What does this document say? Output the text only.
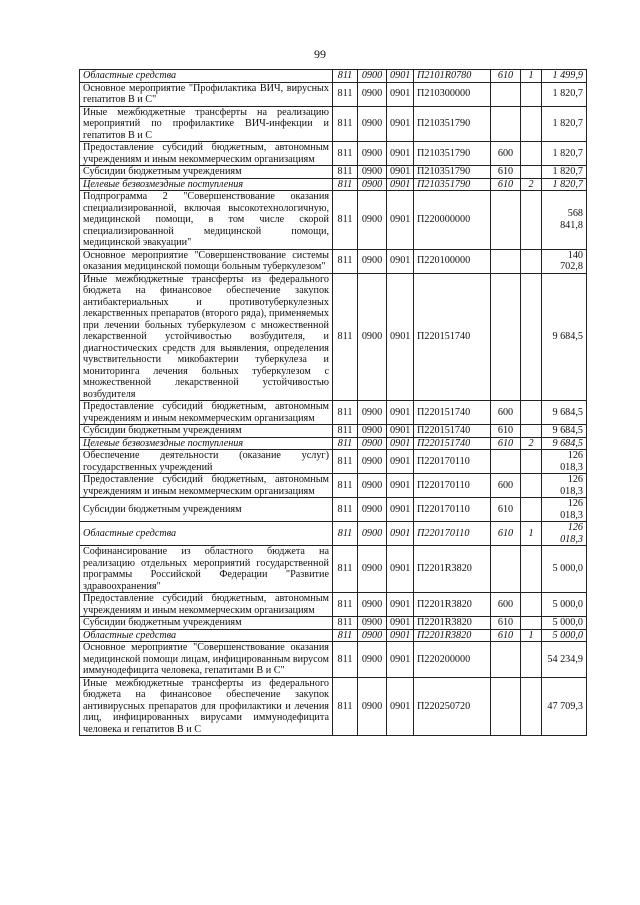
99
Областные средства	811	0900	0901	П2101R0780	610	1	1 499,9
Основное мероприятие "Профилактика ВИЧ, вирусных гепатитов В и С"	811	0900	0901	П210300000			1 820,7
Иные межбюджетные трансферты на реализацию мероприятий по профилактике ВИЧ-инфекции и гепатитов В и С	811	0900	0901	П210351790			1 820,7
Предоставление субсидий бюджетным, автономным учреждениям и иным некоммерческим организациям	811	0900	0901	П210351790	600		1 820,7
Субсидии бюджетным учреждениям	811	0900	0901	П210351790	610		1 820,7
Целевые безвозмездные поступления	811	0900	0901	П210351790	610	2	1 820,7
Подпрограмма 2 "Совершенствование оказания специализированной, включая высокотехнологичную, медицинской помощи, в том числе скорой специализированной медицинской помощи, медицинской эвакуации"	811	0900	0901	П220000000			568 841,8
Основное мероприятие "Совершенствование системы оказания медицинской помощи больным туберкулезом"	811	0900	0901	П220100000			140 702,8
Иные межбюджетные трансферты из федерального бюджета на финансовое обеспечение закупок антибактериальных и противотуберкулезных лекарственных препаратов (второго ряда), применяемых при лечении больных туберкулезом с множественной лекарственной устойчивостью возбудителя, и диагностических средств для выявления, определения чувствительности микобактерии туберкулеза и мониторинга лечения больных туберкулезом с множественной лекарственной устойчивостью возбудителя	811	0900	0901	П220151740			9 684,5
Предоставление субсидий бюджетным, автономным учреждениям и иным некоммерческим организациям	811	0900	0901	П220151740	600		9 684,5
Субсидии бюджетным учреждениям	811	0900	0901	П220151740	610		9 684,5
Целевые безвозмездные поступления	811	0900	0901	П220151740	610	2	9 684,5
Обеспечение деятельности (оказание услуг) государственных учреждений	811	0900	0901	П220170110			126 018,3
Предоставление субсидий бюджетным, автономным учреждениям и иным некоммерческим организациям	811	0900	0901	П220170110	600		126 018,3
Субсидии бюджетным учреждениям	811	0900	0901	П220170110	610		126 018,3
Областные средства	811	0900	0901	П220170110	610	1	126 018,3
Софинансирование из областного бюджета на реализацию отдельных мероприятий государственной программы Российской Федерации "Развитие здравоохранения"	811	0900	0901	П2201R3820			5 000,0
Предоставление субсидий бюджетным, автономным учреждениям и иным некоммерческим организациям	811	0900	0901	П2201R3820	600		5 000,0
Субсидии бюджетным учреждениям	811	0900	0901	П2201R3820	610		5 000,0
Областные средства	811	0900	0901	П2201R3820	610	1	5 000,0
Основное мероприятие "Совершенствование оказания медицинской помощи лицам, инфицированным вирусом иммунодефицита человека, гепатитами В и С"	811	0900	0901	П220200000			54 234,9
Иные межбюджетные трансферты из федерального бюджета на финансовое обеспечение закупок антивирусных препаратов для профилактики и лечения лиц, инфицированных вирусами иммунодефицита человека и гепатитов В и С	811	0900	0901	П220250720			47 709,3
